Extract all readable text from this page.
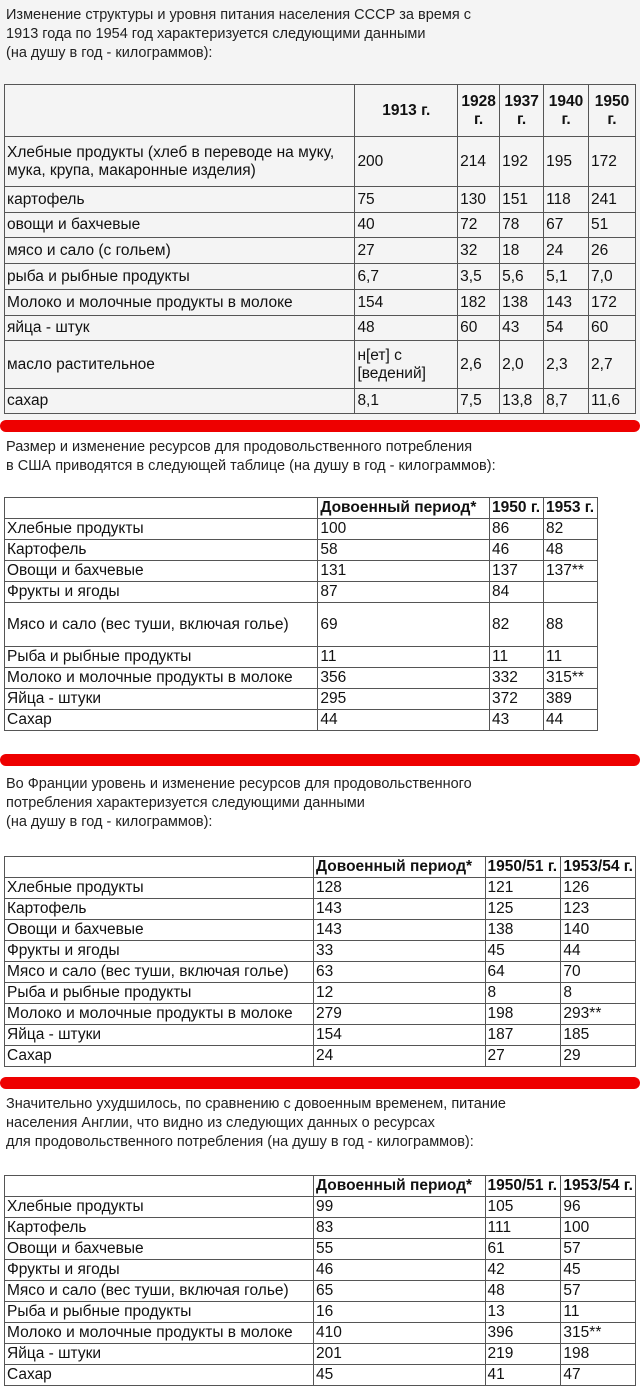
Изменение структуры и уровня питания населения СССР за время с
1913 года по 1954 год характеризуется следующими данными
(на душу в год - килограммов):
	1913 г.	1928 г.	1937 г.	1940 г.	1950 г.
Хлебные продукты (хлеб в переводе на муку, мука, крупа, макаронные изделия)	200	214	192	195	172
картофель	75	130	151	118	241
овощи и бахчевые	40	72	78	67	51
мясо и сало (с гольем)	27	32	18	24	26
рыба и рыбные продукты	6,7	3,5	5,6	5,1	7,0
Молоко и молочные продукты в молоке	154	182	138	143	172
яйца - штук	48	60	43	54	60
масло растительное	н[ет] с [ведений]	2,6	2,0	2,3	2,7
сахар	8,1	7,5	13,8	8,7	11,6
Размер и изменение ресурсов для продовольственного потребления
в США приводятся в следующей таблице (на душу в год - килограммов):
	Довоенный период*	1950 г.	1953 г.
Хлебные продукты	100	86	82
Картофель	58	46	48
Овощи и бахчевые	131	137	137**
Фрукты и ягоды	87	84	
Мясо и сало (вес туши, включая голье)	69	82	88
Рыба и рыбные продукты	11	11	11
Молоко и молочные продукты в молоке	356	332	315**
Яйца - штуки	295	372	389
Сахар	44	43	44
Во Франции уровень и изменение ресурсов для продовольственного
потребления характеризуется следующими данными
(на душу в год - килограммов):
	Довоенный период*	1950/51 г.	1953/54 г.
Хлебные продукты	128	121	126
Картофель	143	125	123
Овощи и бахчевые	143	138	140
Фрукты и ягоды	33	45	44
Мясо и сало (вес туши, включая голье)	63	64	70
Рыба и рыбные продукты	12	8	8
Молоко и молочные продукты в молоке	279	198	293**
Яйца - штуки	154	187	185
Сахар	24	27	29
Значительно ухудшилось, по сравнению с довоенным временем, питание
населения Англии, что видно из следующих данных о ресурсах
для продовольственного потребления (на душу в год - килограммов):
	Довоенный период*	1950/51 г.	1953/54 г.
Хлебные продукты	99	105	96
Картофель	83	111	100
Овощи и бахчевые	55	61	57
Фрукты и ягоды	46	42	45
Мясо и сало (вес туши, включая голье)	65	48	57
Рыба и рыбные продукты	16	13	11
Молоко и молочные продукты в молоке	410	396	315**
Яйца - штуки	201	219	198
Сахар	45	41	47
